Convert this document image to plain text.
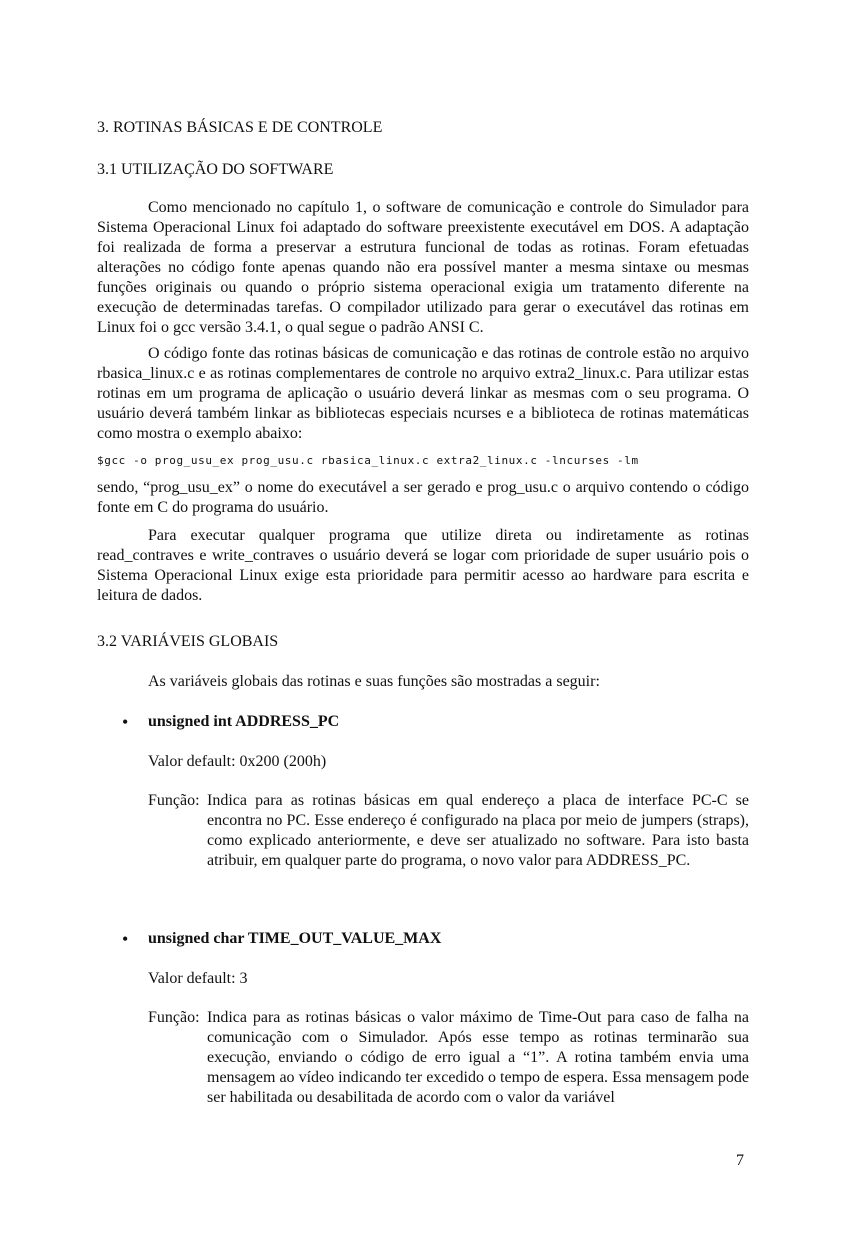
3. ROTINAS BÁSICAS E DE CONTROLE
3.1 UTILIZAÇÃO DO SOFTWARE

Como mencionado no capítulo 1, o software de comunicação e controle do Simulador para Sistema Operacional Linux foi adaptado do software preexistente executável em DOS. A adaptação foi realizada de forma a preservar a estrutura funcional de todas as rotinas. Foram efetuadas alterações no código fonte apenas quando não era possível manter a mesma sintaxe ou mesmas funções originais ou quando o próprio sistema operacional exigia um tratamento diferente na execução de determinadas tarefas. O compilador utilizado para gerar o executável das rotinas em Linux foi o gcc versão 3.4.1, o qual segue o padrão ANSI C.

O código fonte das rotinas básicas de comunicação e das rotinas de controle estão no arquivo rbasica_linux.c e as rotinas complementares de controle no arquivo extra2_linux.c. Para utilizar estas rotinas em um programa de aplicação o usuário deverá linkar as mesmas com o seu programa. O usuário deverá também linkar as bibliotecas especiais ncurses e a biblioteca de rotinas matemáticas como mostra o exemplo abaixo:

$gcc -o prog_usu_ex prog_usu.c rbasica_linux.c extra2_linux.c -lncurses -lm

sendo, “prog_usu_ex” o nome do executável a ser gerado e prog_usu.c o arquivo contendo o código fonte em C do programa do usuário.

Para executar qualquer programa que utilize direta ou indiretamente as rotinas read_contraves e write_contraves o usuário deverá se logar com prioridade de super usuário pois o Sistema Operacional Linux exige esta prioridade para permitir acesso ao hardware para escrita e leitura de dados.

3.2 VARIÁVEIS GLOBAIS
As variáveis globais das rotinas e suas funções são mostradas a seguir:
• unsigned int ADDRESS_PC
Valor default: 0x200 (200h)
Função: Indica para as rotinas básicas em qual endereço a placa de interface PC-C se encontra no PC. Esse endereço é configurado na placa por meio de jumpers (straps), como explicado anteriormente, e deve ser atualizado no software. Para isto basta atribuir, em qualquer parte do programa, o novo valor para ADDRESS_PC.
• unsigned char TIME_OUT_VALUE_MAX
Valor default: 3
Função: Indica para as rotinas básicas o valor máximo de Time-Out para caso de falha na comunicação com o Simulador. Após esse tempo as rotinas terminarão sua execução, enviando o código de erro igual a “1”. A rotina também envia uma mensagem ao vídeo indicando ter excedido o tempo de espera. Essa mensagem pode ser habilitada ou desabilitada de acordo com o valor da variável
7
